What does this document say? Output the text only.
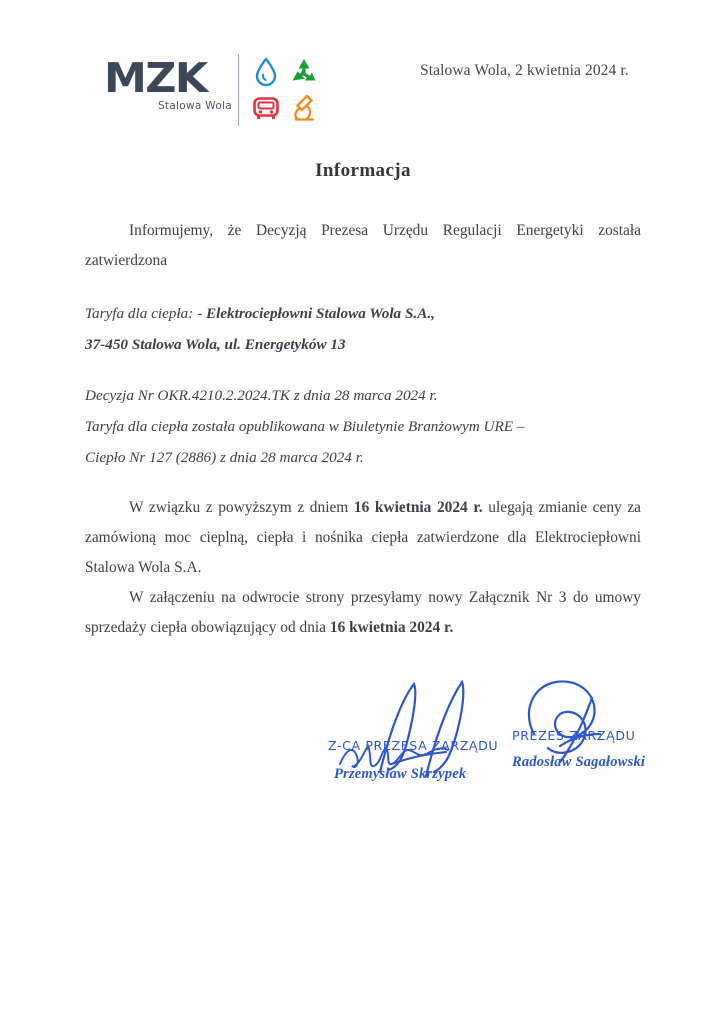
MZK
Stalowa Wola
Stalowa Wola, 2 kwietnia 2024 r.
Informacja

Informujemy, że Decyzją Prezesa Urzędu Regulacji Energetyki została zatwierdzona

Taryfa dla ciepła: - Elektrociepłowni Stalowa Wola S.A.,
37-450 Stalowa Wola, ul. Energetyków 13
Decyzja Nr OKR.4210.2.2024.TK z dnia 28 marca 2024 r.
Taryfa dla ciepła została opublikowana w Biuletynie Branżowym URE –
Ciepło Nr 127 (2886) z dnia 28 marca 2024 r.

W związku z powyższym z dniem 16 kwietnia 2024 r. ulegają zmianie ceny za zamówioną moc cieplną, ciepła i nośnika ciepła zatwierdzone dla Elektrociepłowni Stalowa Wola S.A.

W załączeniu na odwrocie strony przesyłamy nowy Załącznik Nr 3 do umowy sprzedaży ciepła obowiązujący od dnia 16 kwietnia 2024 r.

Z-CA PREZESA ZARZĄDU
Przemysław Skrzypek
PREZES ZARZĄDU
Radosław Sagałowski
